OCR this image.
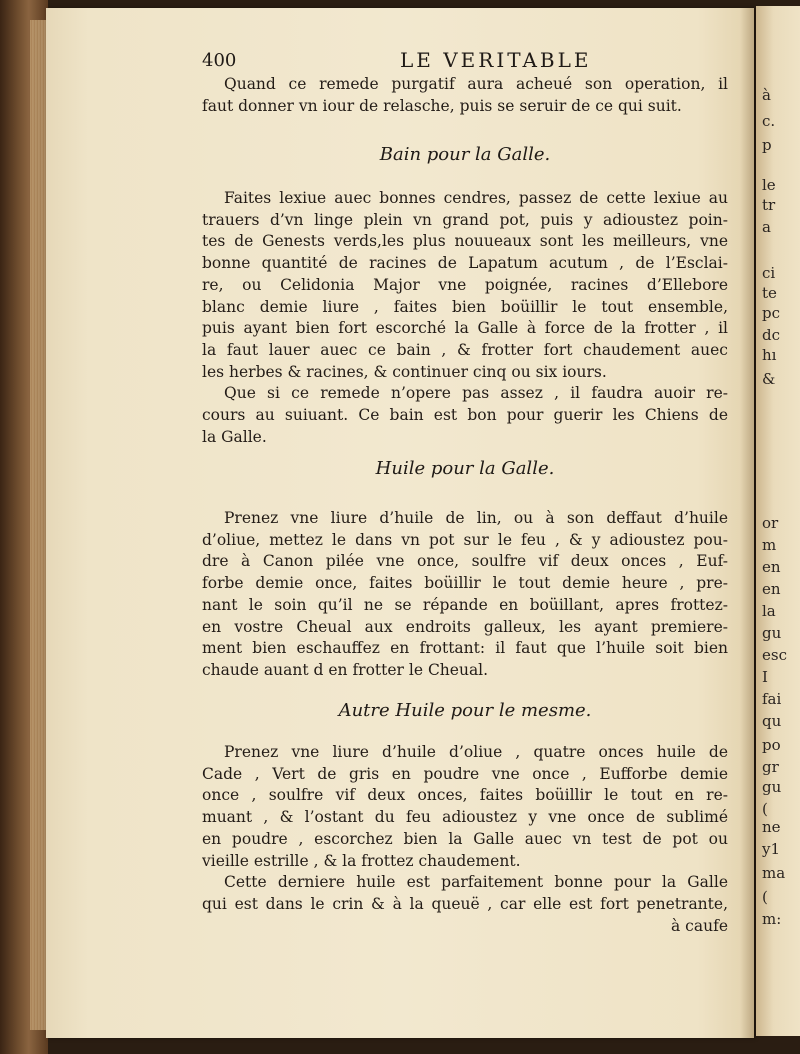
à
c.
p
le
tr
a
ci
te
pc
dc
hı
&
or
m
en
en
la
gu
esc
I
fai
qu
po
gr
gu
(
ne
y1
ma
(
m:
400	LE VERITABLE
Quand ce remede purgatif aura acheué son operation, il
faut donner vn iour de relasche, puis se seruir de ce qui suit.
Bain pour la Galle.
Faites lexiue auec bonnes cendres, passez de cette lexiue au
trauers d’vn linge plein vn grand pot, puis y adioustez poin-
tes de Genests verds,les plus nouueaux sont les meilleurs, vne
bonne quantité de racines de Lapatum acutum , de l’Esclai-
re, ou Celidonia Major vne poignée, racines d’Ellebore
blanc demie liure , faites bien boüillir le tout ensemble,
puis ayant bien fort escorché la Galle à force de la frotter , il
la faut lauer auec ce bain , & frotter fort chaudement auec
les herbes & racines, & continuer cinq ou six iours.
Que si ce remede n’opere pas assez , il faudra auoir re-
cours au suiuant. Ce bain est bon pour guerir les Chiens de
la Galle.
Huile pour la Galle.
Prenez vne liure d’huile de lin, ou à son deffaut d’huile
d’oliue, mettez le dans vn pot sur le feu , & y adioustez pou-
dre à Canon pilée vne once, soulfre vif deux onces , Euf-
forbe demie once, faites boüillir le tout demie heure , pre-
nant le soin qu’il ne se répande en boüillant, apres frottez-
en vostre Cheual aux endroits galleux, les ayant premiere-
ment bien eschauffez en frottant: il faut que l’huile soit bien
chaude auant d en frotter le Cheual.
Autre Huile pour le mesme.
Prenez vne liure d’huile d’oliue , quatre onces huile de
Cade , Vert de gris en poudre vne once , Eufforbe demie
once , soulfre vif deux onces, faites boüillir le tout en re-
muant , & l’ostant du feu adioustez y vne once de sublimé
en poudre , escorchez bien la Galle auec vn test de pot ou
vieille estrille , & la frottez chaudement.
Cette derniere huile est parfaitement bonne pour la Galle
qui est dans le crin & à la queuë , car elle est fort penetrante,
à caufe
